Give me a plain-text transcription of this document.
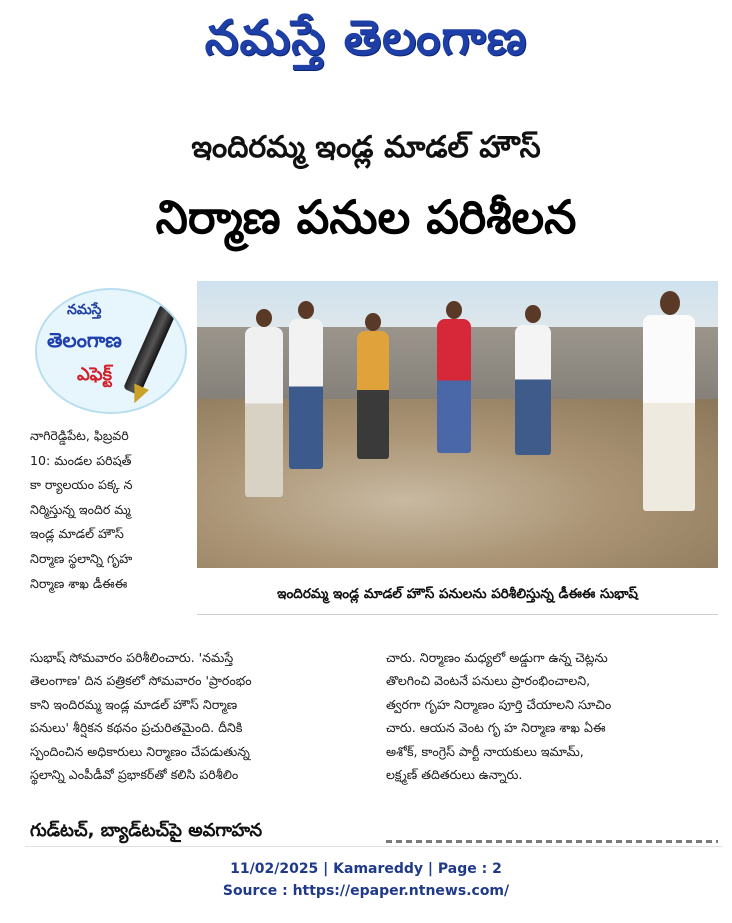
నమస్తే తెలంగాణ
ఇందిరమ్మ ఇండ్ల మాడల్ హౌస్
నిర్మాణ పనుల పరిశీలన
నమస్తే
తెలంగాణ
ఎఫెక్ట్
ఇందిరమ్మ ఇండ్ల మాడల్ హౌస్ పనులను పరిశీలిస్తున్న డీఈఈ సుభాష్

నాగిరెడ్డిపేట, ఫిబ్రవరి

10: మండల పరిషత్

కా ర్యాలయం పక్క న

నిర్మిస్తున్న ఇందిర మ్మ

ఇండ్ల మాడల్ హౌస్

నిర్మాణ స్థలాన్ని గృహ

నిర్మాణ శాఖ డీఈఈ

సుభాష్ సోమవారం పరిశీలించారు. 'నమస్తే

తెలంగాణ' దిన పత్రికలో సోమవారం 'ప్రారంభం

కాని ఇందిరమ్మ ఇండ్ల మాడల్ హౌస్ నిర్మాణ

పనులు' శీర్షికన కథనం ప్రచురితమైంది. దీనికి

స్పందించిన అధికారులు నిర్మాణం చేపడుతున్న

స్థలాన్ని ఎంపీడీవో ప్రభాకర్‌తో కలిసి పరిశీలిం

చారు. నిర్మాణం మధ్యలో అడ్డుగా ఉన్న చెట్లను

తొలగించి వెంటనే పనులు ప్రారంభించాలని,

త్వరగా గృహ నిర్మాణం పూర్తి చేయాలని సూచిం

చారు. ఆయన వెంట గృ హ నిర్మాణ శాఖ ఏఈ

అశోక్, కాంగ్రెస్ పార్టీ నాయకులు ఇమామ్,

లక్ష్మణ్ తదితరులు ఉన్నారు.

గుడ్‌టచ్, బ్యాడ్‌టచ్‌పై అవగాహన
11/02/2025 | Kamareddy | Page : 2
Source : https://epaper.ntnews.com/
